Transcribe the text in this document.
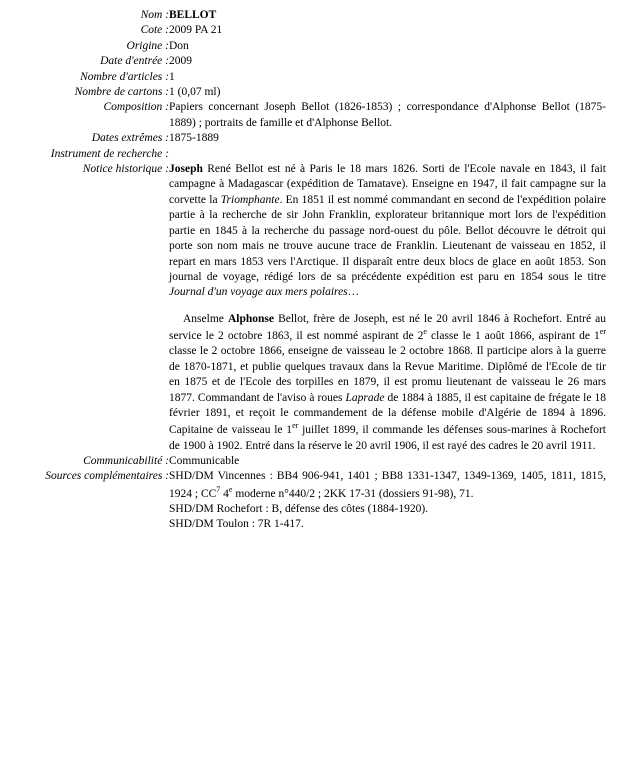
Nom :	BELLOT
Cote :	2009 PA 21
Origine :	Don
Date d'entrée :	2009
Nombre d'articles :	1
Nombre de cartons :	1 (0,07 ml)
Composition :	Papiers concernant Joseph Bellot (1826-1853) ; correspondance d'Alphonse Bellot (1875-1889) ; portraits de famille et d'Alphonse Bellot.
Dates extrêmes :	1875-1889
Instrument de recherche :	
Notice historique :	Joseph René Bellot est né à Paris le 18 mars 1826. Sorti de l'Ecole navale en 1843, il fait campagne à Madagascar (expédition de Tamatave). Enseigne en 1947, il fait campagne sur la corvette la Triomphante. En 1851 il est nommé commandant en second de l'expédition polaire partie à la recherche de sir John Franklin, explorateur britannique mort lors de l'expédition partie en 1845 à la recherche du passage nord-ouest du pôle. Bellot découvre le détroit qui porte son nom mais ne trouve aucune trace de Franklin. Lieutenant de vaisseau en 1852, il repart en mars 1853 vers l'Arctique. Il disparaît entre deux blocs de glace en août 1853. Son journal de voyage, rédigé lors de sa précédente expédition est paru en 1854 sous le titre Journal d'un voyage aux mers polaires…

Anselme Alphonse Bellot, frère de Joseph, est né le 20 avril 1846 à Rochefort. Entré au service le 2 octobre 1863, il est nommé aspirant de 2e classe le 1 août 1866, aspirant de 1er classe le 2 octobre 1866, enseigne de vaisseau le 2 octobre 1868. Il participe alors à la guerre de 1870-1871, et publie quelques travaux dans la Revue Maritime. Diplômé de l'Ecole de tir en 1875 et de l'Ecole des torpilles en 1879, il est promu lieutenant de vaisseau le 26 mars 1877. Commandant de l'aviso à roues Laprade de 1884 à 1885, il est capitaine de frégate le 18 février 1891, et reçoit le commandement de la défense mobile d'Algérie de 1894 à 1896. Capitaine de vaisseau le 1er juillet 1899, il commande les défenses sous-marines à Rochefort de 1900 à 1902. Entré dans la réserve le 20 avril 1906, il est rayé des cadres le 20 avril 1911.

Communicabilité :	Communicable
Sources complémentaires :	SHD/DM Vincennes : BB4 906-941, 1401 ; BB8 1331-1347, 1349-1369, 1405, 1811, 1815, 1924 ; $CC^7$ 4e moderne n°440/2 ; 2KK 17-31 (dossiers 91-98), 71.
SHD/DM Rochefort : B, défense des côtes (1884-1920).
SHD/DM Toulon : 7R 1-417.
